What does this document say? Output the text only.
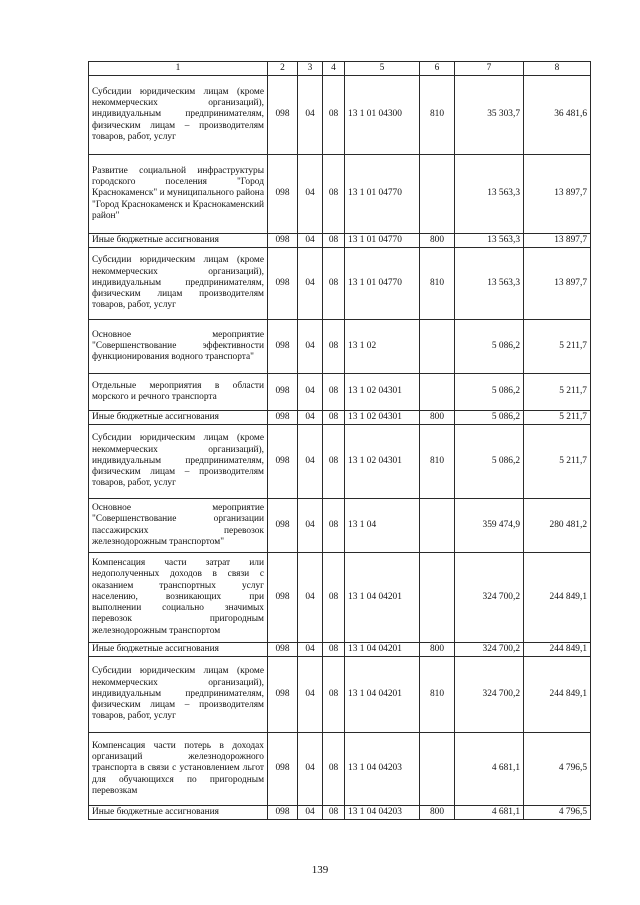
1	2	3	4	5	6	7	8
Субсидии юридическим лицам (кроме некоммерческих организаций), индивидуальным предпринимателям, физическим лицам – производителям товаров, работ, услуг	098	04	08	13 1 01 04300	810	35 303,7	36 481,6
Развитие социальной инфраструктуры городского поселения "Город Краснокаменск" и муниципального района "Город Краснокаменск и Краснокаменский район"	098	04	08	13 1 01 04770		13 563,3	13 897,7
Иные бюджетные ассигнования	098	04	08	13 1 01 04770	800	13 563,3	13 897,7
Субсидии юридическим лицам (кроме некоммерческих организаций), индивидуальным предпринимателям, физическим лицам производителям товаров, работ, услуг	098	04	08	13 1 01 04770	810	13 563,3	13 897,7
Основное мероприятие "Совершенствование эффективности функционирования водного транспорта"	098	04	08	13 1 02		5 086,2	5 211,7
Отдельные мероприятия в области морского и речного транспорта	098	04	08	13 1 02 04301		5 086,2	5 211,7
Иные бюджетные ассигнования	098	04	08	13 1 02 04301	800	5 086,2	5 211,7
Субсидии юридическим лицам (кроме некоммерческих организаций), индивидуальным предпринимателям, физическим лицам – производителям товаров, работ, услуг	098	04	08	13 1 02 04301	810	5 086,2	5 211,7
Основное мероприятие "Совершенствование организации пассажирских перевозок железнодорожным транспортом"	098	04	08	13 1 04		359 474,9	280 481,2
Компенсация части затрат или недополученных доходов в связи с оказанием транспортных услуг населению, возникающих при выполнении социально значимых перевозок пригородным железнодорожным транспортом	098	04	08	13 1 04 04201		324 700,2	244 849,1
Иные бюджетные ассигнования	098	04	08	13 1 04 04201	800	324 700,2	244 849,1
Субсидии юридическим лицам (кроме некоммерческих организаций), индивидуальным предпринимателям, физическим лицам – производителям товаров, работ, услуг	098	04	08	13 1 04 04201	810	324 700,2	244 849,1
Компенсация части потерь в доходах организаций железнодорожного транспорта в связи с установлением льгот для обучающихся по пригородным перевозкам	098	04	08	13 1 04 04203		4 681,1	4 796,5
Иные бюджетные ассигнования	098	04	08	13 1 04 04203	800	4 681,1	4 796,5
139
